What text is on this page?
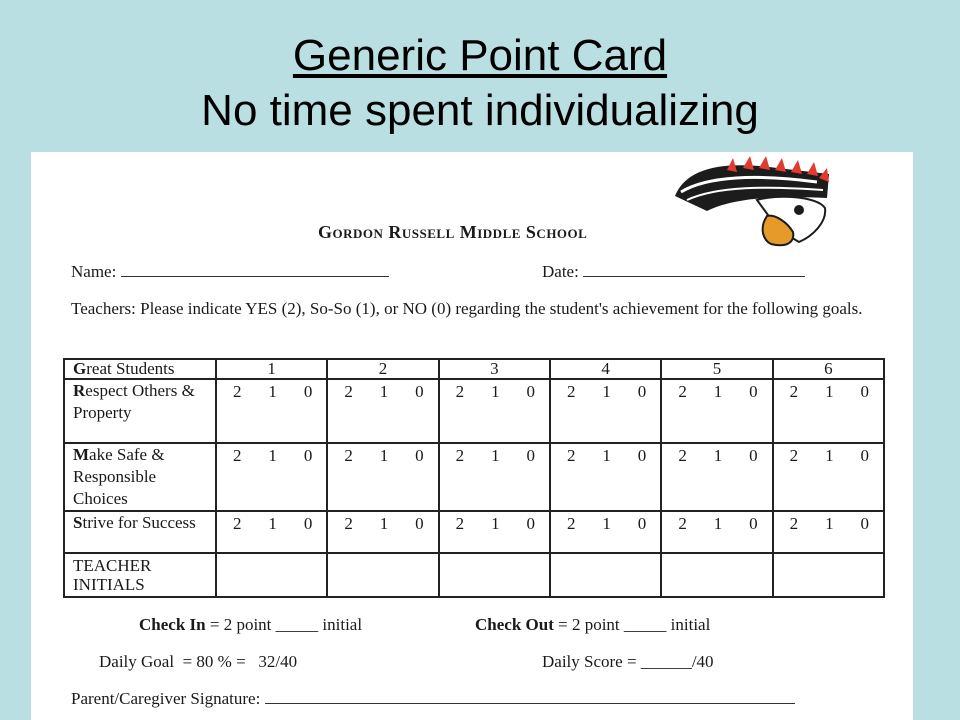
Generic Point Card
No time spent individualizing
Gordon Russell Middle School
Name:	Date:
Teachers: Please indicate YES (2), So-So (1), or NO (0) regarding the student's achievement for the following goals.
Great Students	1	2	3	4	5	6
Respect Others & Property	2 1 0	2 1 0	2 1 0	2 1 0	2 1 0	2 1 0

Make Safe & Responsible Choices	2 1 0	2 1 0	2 1 0	2 1 0	2 1 0	2 1 0

Strive for Success	2 1 0	2 1 0	2 1 0	2 1 0	2 1 0	2 1 0

TEACHER INITIALS						
Check In = 2 point _____ initial	Check Out = 2 point _____ initial
Daily Goal  = 80 % =   32/40	Daily Score = ______/40
Parent/Caregiver Signature:
